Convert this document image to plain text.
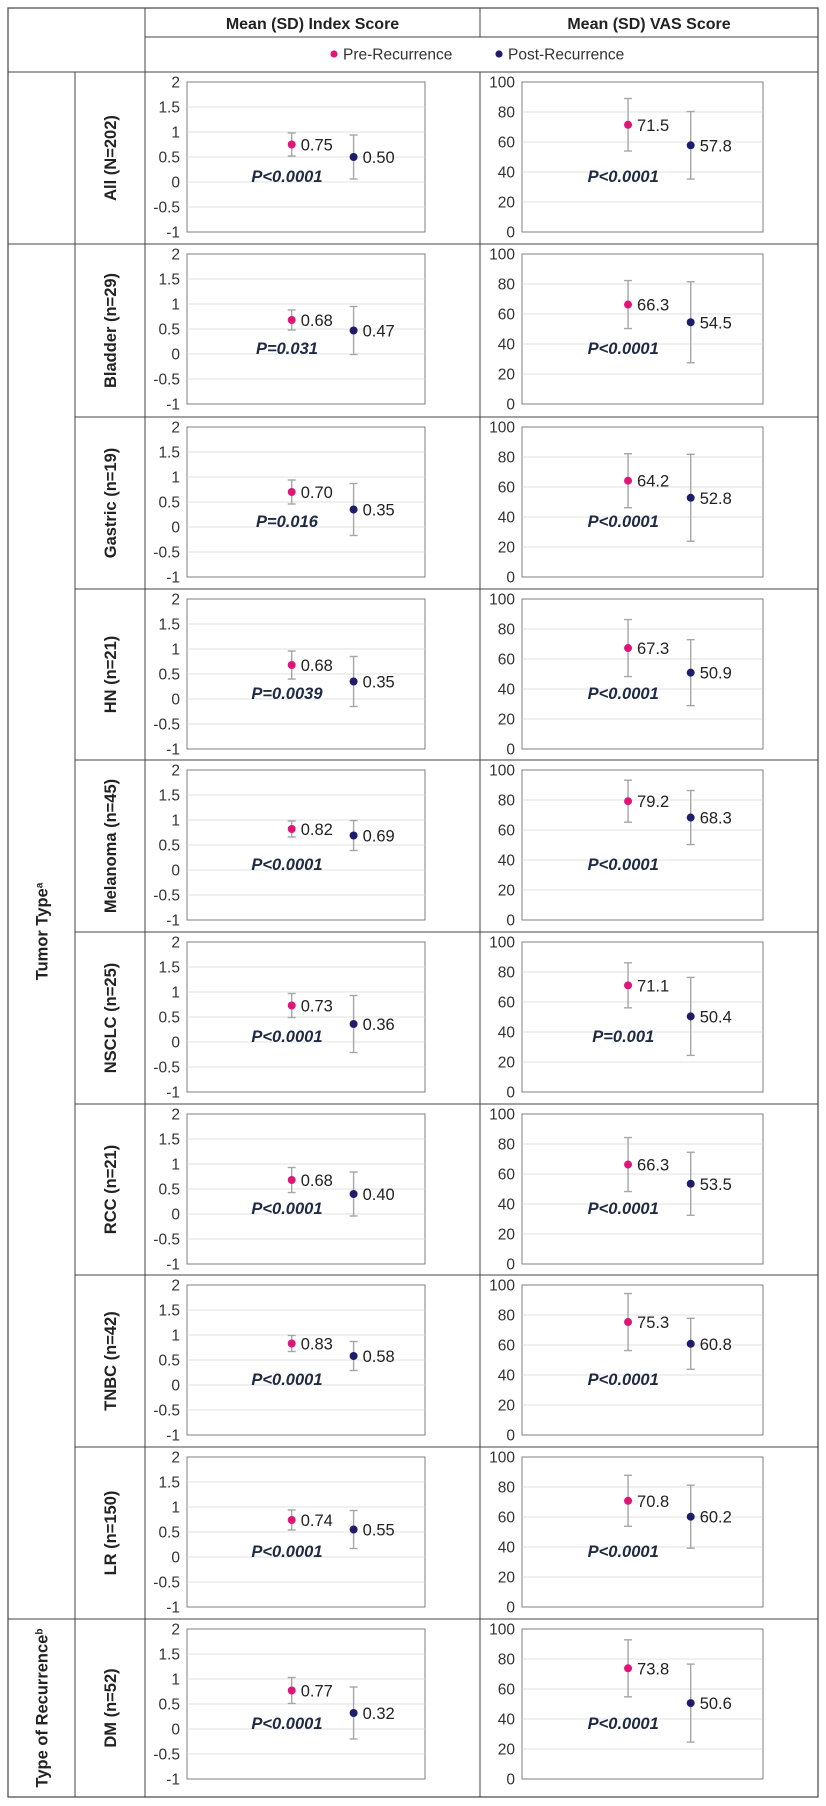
Mean (SD) Index Score	Mean (SD) VAS Score
Pre-Recurrence	Post-Recurrence
Tumor Type$^a$
Type of Recurrence$^b$
All (N=202)
Bladder (n=29)
Gastric (n=19)
HN (n=21)
Melanoma (n=45)
NSCLC (n=25)
RCC (n=21)
TNBC (n=42)
LR (n=150)
DM (n=52)
2
1.5
1
0.5
0
-0.5
-1
0.75
0.50
P<0.0001
100
80
60
40
20
0
71.5
57.8
P<0.0001
2
1.5
1
0.5
0
-0.5
-1
0.68
0.47
P=0.031
100
80
60
40
20
0
66.3
54.5
P<0.0001
2
1.5
1
0.5
0
-0.5
-1
0.70
0.35
P=0.016
100
80
60
40
20
0
64.2
52.8
P<0.0001
2
1.5
1
0.5
0
-0.5
-1
0.68
0.35
P=0.0039
100
80
60
40
20
0
67.3
50.9
P<0.0001
2
1.5
1
0.5
0
-0.5
-1
0.82 0.69
P<0.0001
100
80
60
40
20
0
79.2
68.3
P<0.0001
2
1.5
1
0.5
0
-0.5
-1
0.73
0.36
P<0.0001
100
80
60
40
20
0
71.1
50.4
P=0.001
2
1.5
1
0.5
0
-0.5
-1
0.68
0.40
P<0.0001
100
80
60
40
20
0
66.3
53.5
P<0.0001
2
1.5
1
0.5
0
-0.5
-1
0.83
0.58
P<0.0001
100
80
60
40
20
0
75.3
60.8
P<0.0001
2
1.5
1
0.5
0
-0.5
-1
0.74
0.55
P<0.0001
100
80
60
40
20
0
70.8
60.2
P<0.0001
2
1.5
1
0.5
0
-0.5
-1
0.77
0.32
P<0.0001
100
80
60
40
20
0
73.8
50.6
P<0.0001
